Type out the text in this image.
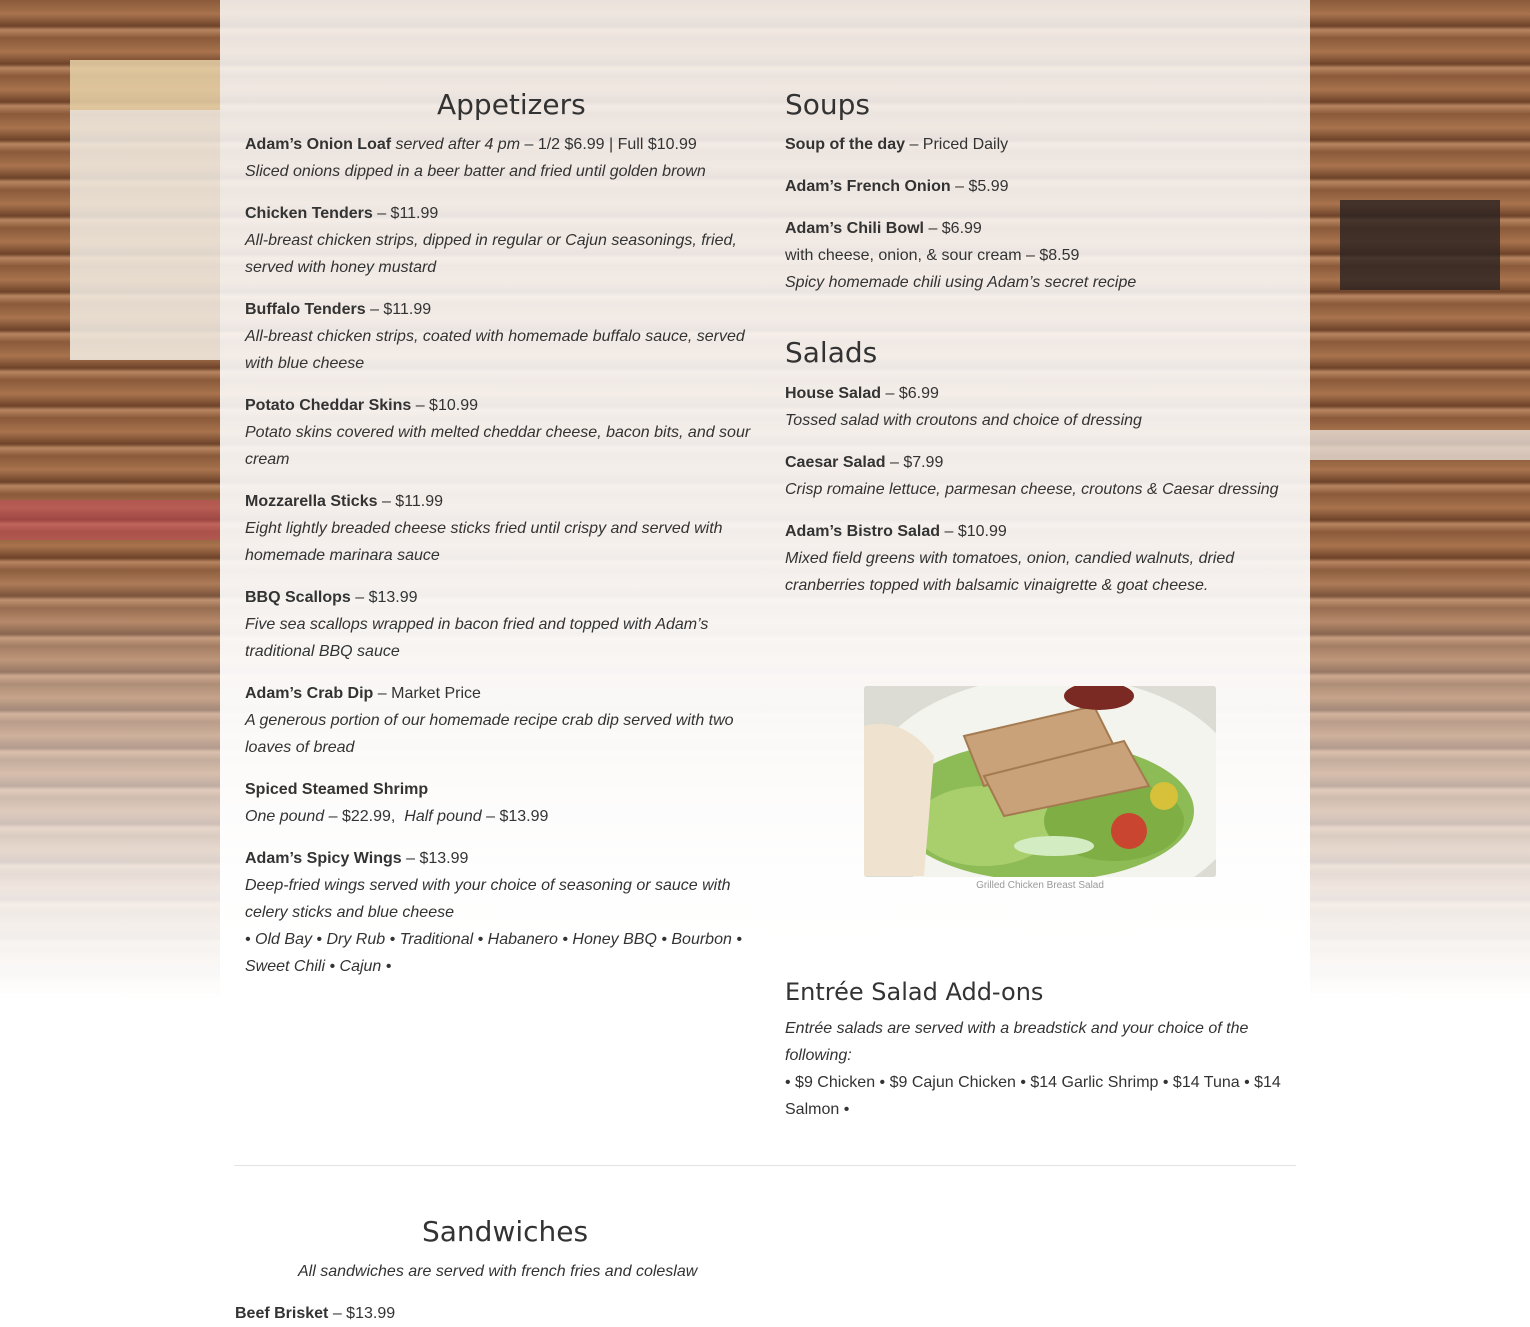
Appetizers

Adam’s Onion Loaf served after 4 pm – 1/2 $6.99 | Full $10.99

Sliced onions dipped in a beer batter and fried until golden brown

Chicken Tenders – $11.99

All-breast chicken strips, dipped in regular or Cajun seasonings, fried, served with honey mustard

Buffalo Tenders – $11.99

All-breast chicken strips, coated with homemade buffalo sauce, served with blue cheese

Potato Cheddar Skins – $10.99

Potato skins covered with melted cheddar cheese, bacon bits, and sour cream

Mozzarella Sticks – $11.99

Eight lightly breaded cheese sticks fried until crispy and served with homemade marinara sauce

BBQ Scallops – $13.99

Five sea scallops wrapped in bacon fried and topped with Adam’s traditional BBQ sauce

Adam’s Crab Dip – Market Price

A generous portion of our homemade recipe crab dip served with two loaves of bread

Spiced Steamed Shrimp

One pound – $22.99, Half pound – $13.99

Adam’s Spicy Wings – $13.99

Deep-fried wings served with your choice of seasoning or sauce with celery sticks and blue cheese

• Old Bay • Dry Rub • Traditional • Habanero • Honey BBQ • Bourbon • Sweet Chili • Cajun •

Soups

Soup of the day – Priced Daily

Adam’s French Onion – $5.99

Adam’s Chili Bowl – $6.99

with cheese, onion, & sour cream – $8.59

Spicy homemade chili using Adam’s secret recipe

Salads

House Salad – $6.99

Tossed salad with croutons and choice of dressing

Caesar Salad – $7.99

Crisp romaine lettuce, parmesan cheese, croutons & Caesar dressing

Adam’s Bistro Salad – $10.99

Mixed field greens with tomatoes, onion, candied walnuts, dried cranberries topped with balsamic vinaigrette & goat cheese.

Grilled Chicken Breast Salad
Entrée Salad Add-ons

Entrée salads are served with a breadstick and your choice of the following:

• $9 Chicken • $9 Cajun Chicken • $14 Garlic Shrimp • $14 Tuna • $14 Salmon •

Sandwiches
All sandwiches are served with french fries and coleslaw

Beef Brisket – $13.99
